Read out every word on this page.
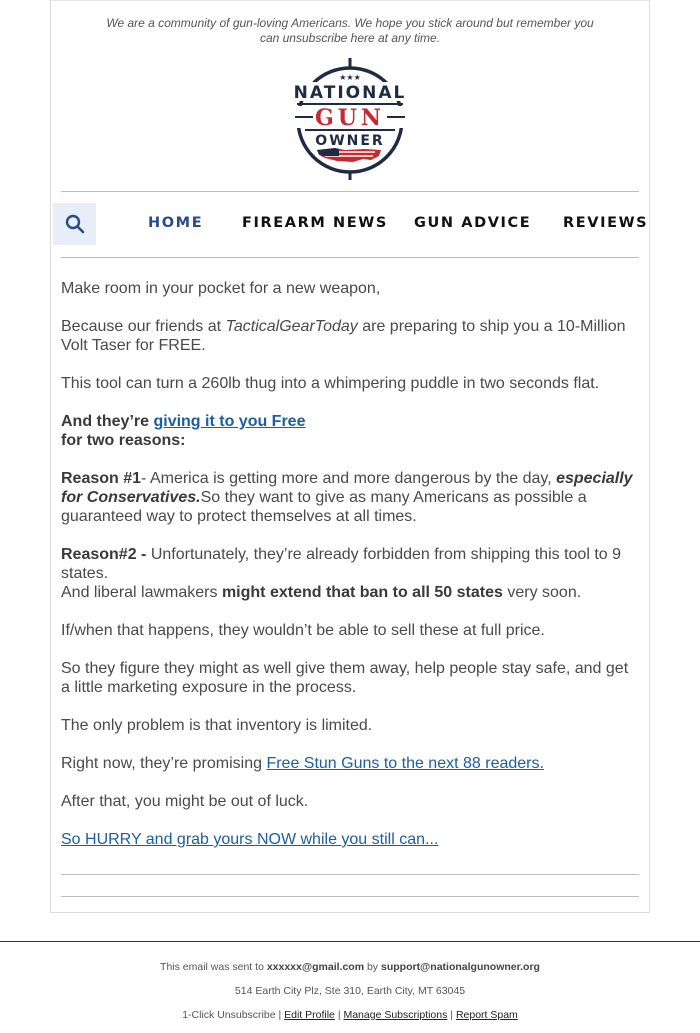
We are a community of gun-loving Americans. We hope you stick around but remember you can unsubscribe here at any time.
★★★
NATIONAL
GUN
OWNER
HOME	FIREARM NEWS GUN ADVICE REVIEWS

Make room in your pocket for a new weapon,

Because our friends at TacticalGearToday are preparing to ship you a 10-Million Volt Taser for FREE.

This tool can turn a 260lb thug into a whimpering puddle in two seconds flat.

And they’re giving it to you Free
for two reasons:

Reason #1- America is getting more and more dangerous by the day, especially for Conservatives.So they want to give as many Americans as possible a guaranteed way to protect themselves at all times.

Reason#2 - Unfortunately, they’re already forbidden from shipping this tool to 9 states.
And liberal lawmakers might extend that ban to all 50 states very soon.

If/when that happens, they wouldn’t be able to sell these at full price.

So they figure they might as well give them away, help people stay safe, and get a little marketing exposure in the process.

The only problem is that inventory is limited.

Right now, they’re promising Free Stun Guns to the next 88 readers.

After that, you might be out of luck.

So HURRY and grab yours NOW while you still can...

This email was sent to xxxxxx@gmail.com by support@nationalgunowner.org
514 Earth City Plz, Ste 310, Earth City, MT 63045
1-Click Unsubscribe | Edit Profile | Manage Subscriptions | Report Spam
